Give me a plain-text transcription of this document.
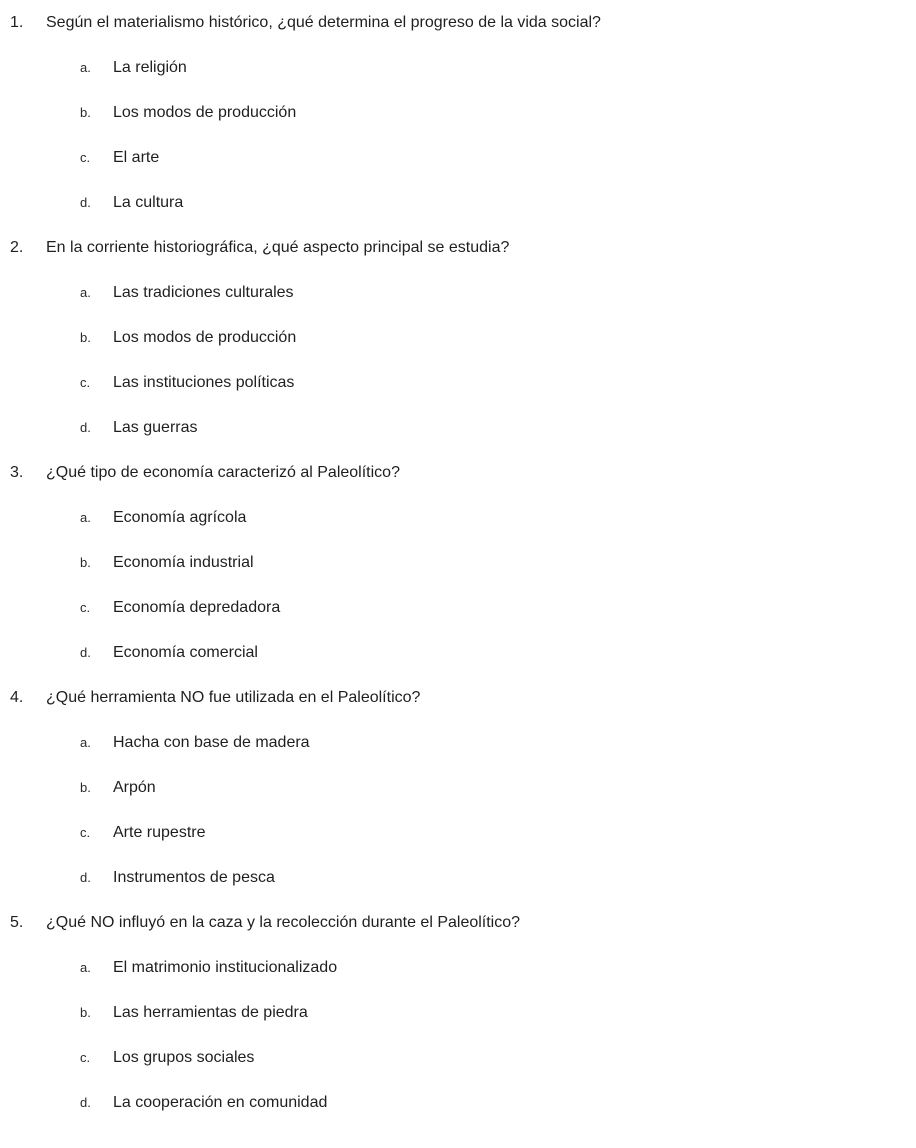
1.	Según el materialismo histórico, ¿qué determina el progreso de la vida social?
a.	La religión
b.	Los modos de producción
c.	El arte
d.	La cultura
2.	En la corriente historiográfica, ¿qué aspecto principal se estudia?
a.	Las tradiciones culturales
b.	Los modos de producción
c.	Las instituciones políticas
d.	Las guerras
3.	¿Qué tipo de economía caracterizó al Paleolítico?
a.	Economía agrícola
b.	Economía industrial
c.	Economía depredadora
d.	Economía comercial
4.	¿Qué herramienta NO fue utilizada en el Paleolítico?
a.	Hacha con base de madera
b.	Arpón
c.	Arte rupestre
d.	Instrumentos de pesca
5.	¿Qué NO influyó en la caza y la recolección durante el Paleolítico?
a.	El matrimonio institucionalizado
b.	Las herramientas de piedra
c.	Los grupos sociales
d.	La cooperación en comunidad
